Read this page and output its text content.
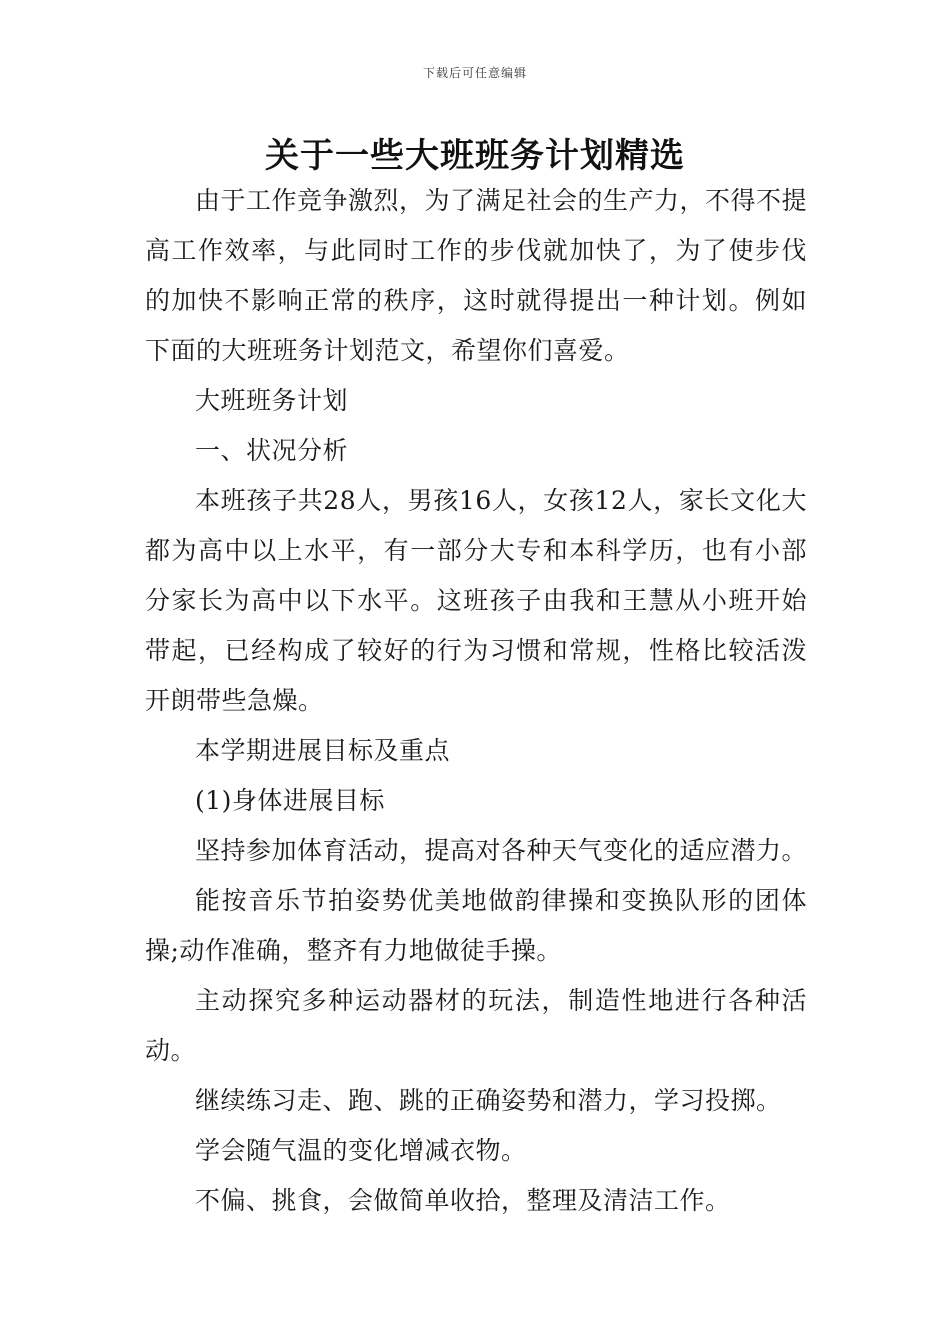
下载后可任意编辑
关于一些大班班务计划精选

由于工作竞争激烈，为了满足社会的生产力，不得不提高工作效率，与此同时工作的步伐就加快了，为了使步伐的加快不影响正常的秩序，这时就得提出一种计划。例如下面的大班班务计划范文，希望你们喜爱。

大班班务计划

一、状况分析

本班孩子共28人，男孩16人，女孩12人，家长文化大都为高中以上水平，有一部分大专和本科学历，也有小部分家长为高中以下水平。这班孩子由我和王慧从小班开始带起，已经构成了较好的行为习惯和常规，性格比较活泼开朗带些急燥。

本学期进展目标及重点

(1)身体进展目标

坚持参加体育活动，提高对各种天气变化的适应潜力。

能按音乐节拍姿势优美地做韵律操和变换队形的团体操;动作准确，整齐有力地做徒手操。

主动探究多种运动器材的玩法，制造性地进行各种活动。

继续练习走、跑、跳的正确姿势和潜力，学习投掷。

学会随气温的变化增减衣物。

不偏、挑食，会做简单收拾，整理及清洁工作。
